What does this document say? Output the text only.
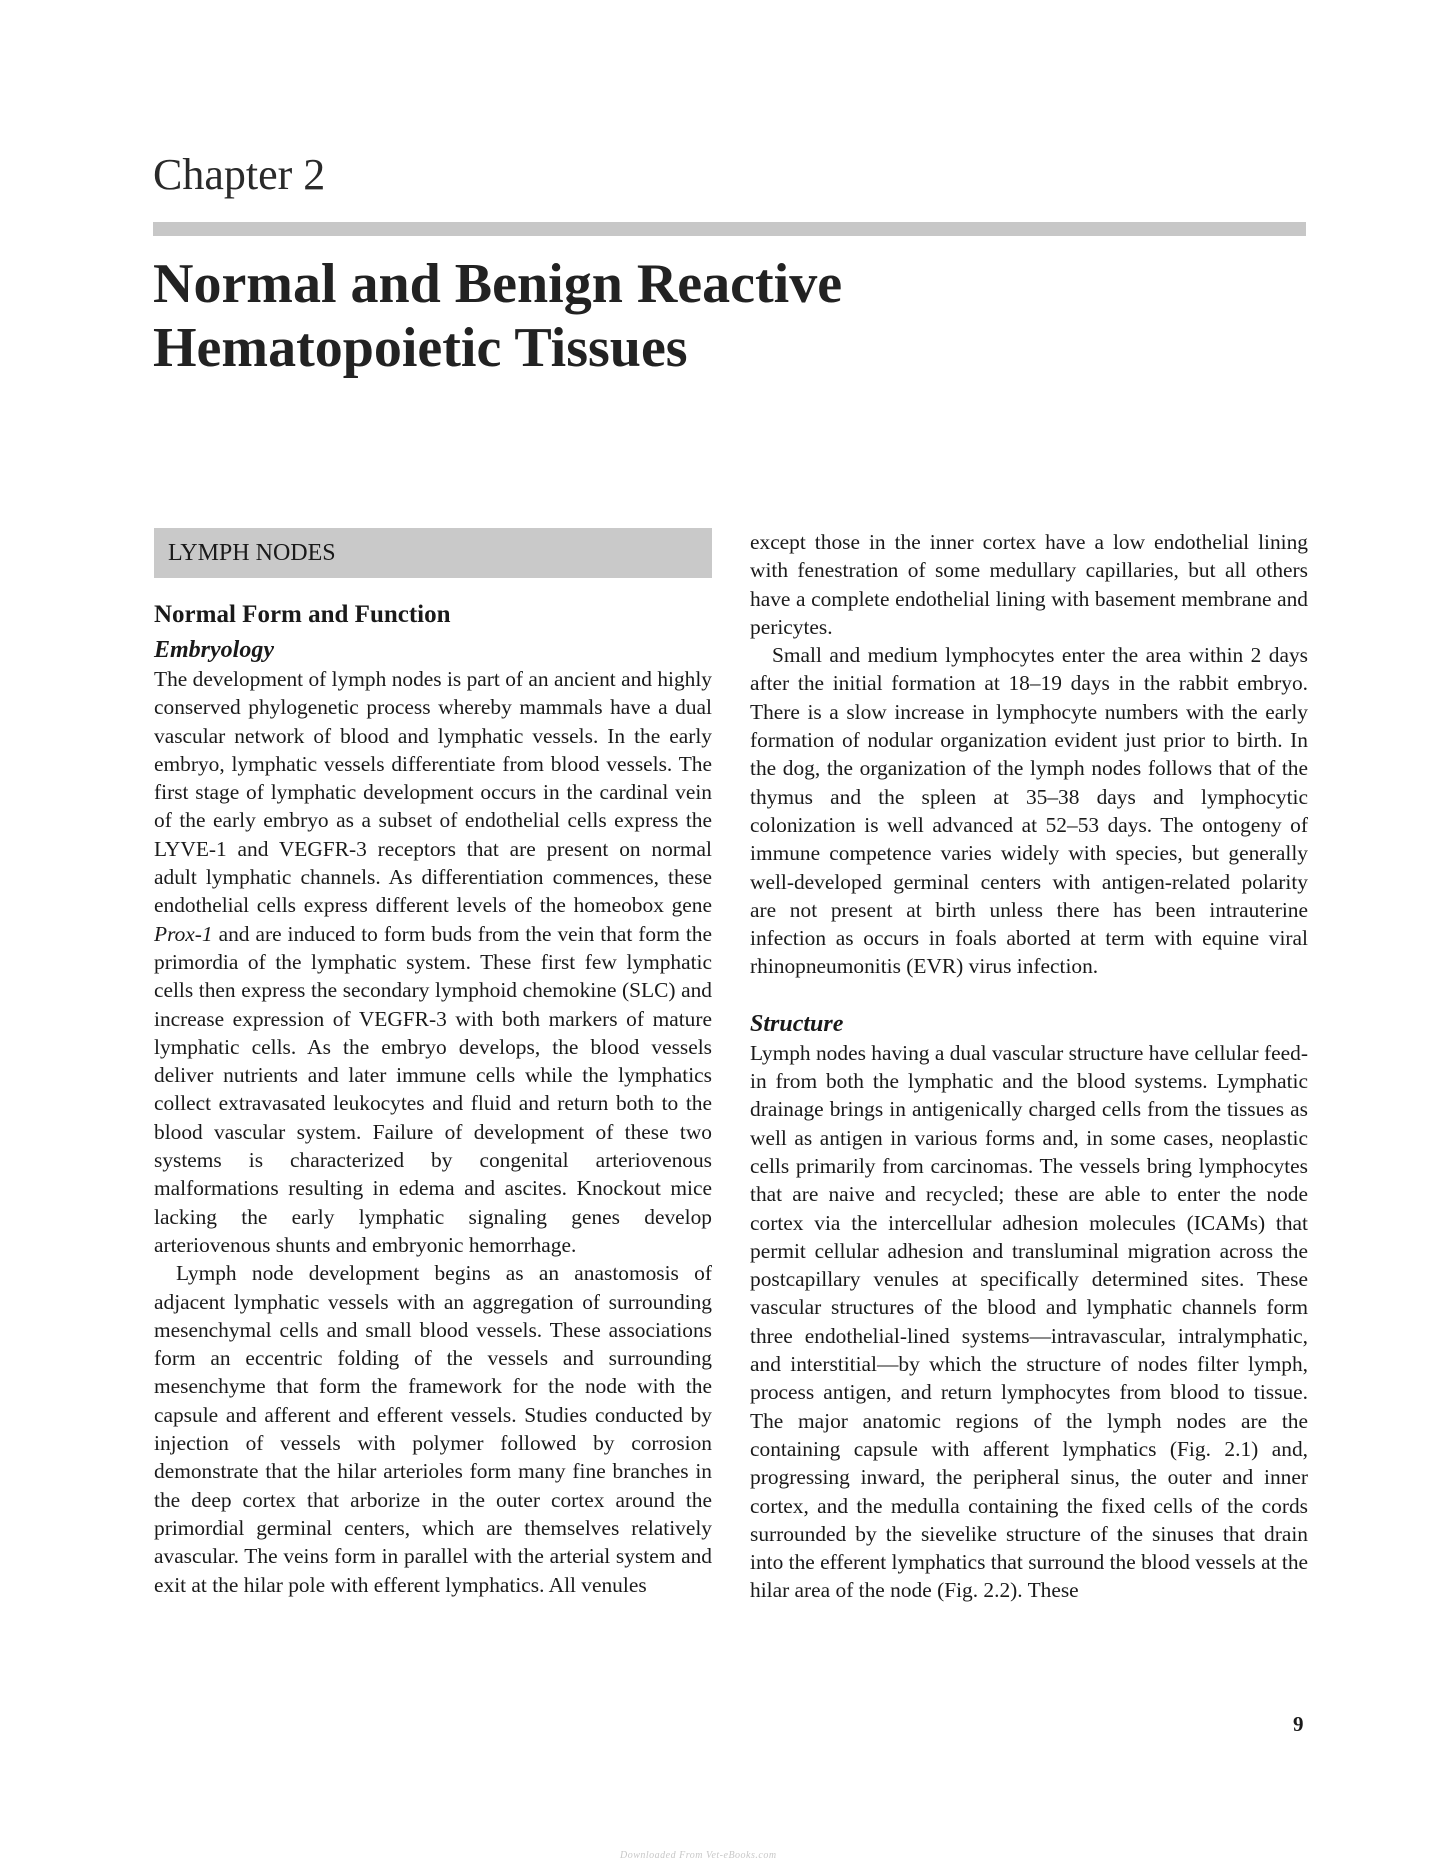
Chapter 2
Normal and Benign Reactive
Hematopoietic Tissues
LYMPH NODES
Normal Form and Function
Embryology

The development of lymph nodes is part of an ancient and highly conserved phylogenetic process whereby mammals have a dual vascular network of blood and lymphatic vessels. In the early embryo, lymphatic vessels differentiate from blood vessels. The first stage of lymphatic development occurs in the cardinal vein of the early embryo as a subset of endothelial cells express the LYVE-1 and VEGFR-3 receptors that are present on normal adult lymphatic channels. As differentiation commences, these endothelial cells express different levels of the homeobox gene Prox-1 and are induced to form buds from the vein that form the primordia of the lymphatic system. These first few lymphatic cells then express the secondary lymphoid chemokine (SLC) and increase expression of VEGFR-3 with both markers of mature lymphatic cells. As the embryo develops, the blood vessels deliver nutrients and later immune cells while the lymphatics collect extravasated leukocytes and fluid and return both to the blood vascular system. Failure of development of these two systems is characterized by congenital arteriovenous malformations resulting in edema and ascites. Knockout mice lacking the early lymphatic signaling genes develop arteriovenous shunts and embryonic hemorrhage.

Lymph node development begins as an anastomosis of adjacent lymphatic vessels with an aggregation of surrounding mesenchymal cells and small blood vessels. These associations form an eccentric folding of the vessels and surrounding mesenchyme that form the framework for the node with the capsule and afferent and efferent vessels. Studies conducted by injection of vessels with polymer followed by corrosion demonstrate that the hilar arterioles form many fine branches in the deep cortex that arborize in the outer cortex around the primordial germinal centers, which are themselves relatively avascular. The veins form in parallel with the arterial system and exit at the hilar pole with efferent lymphatics. All venules

except those in the inner cortex have a low endothelial lining with fenestration of some medullary capillaries, but all others have a complete endothelial lining with basement membrane and pericytes.

Small and medium lymphocytes enter the area within 2 days after the initial formation at 18–19 days in the rabbit embryo. There is a slow increase in lymphocyte numbers with the early formation of nodular organization evident just prior to birth. In the dog, the organization of the lymph nodes follows that of the thymus and the spleen at 35–38 days and lymphocytic colonization is well advanced at 52–53 days. The ontogeny of immune competence varies widely with species, but generally well-developed germinal centers with antigen-related polarity are not present at birth unless there has been intrauterine infection as occurs in foals aborted at term with equine viral rhinopneumonitis (EVR) virus infection.

Structure

Lymph nodes having a dual vascular structure have cellular feed-in from both the lymphatic and the blood systems. Lymphatic drainage brings in antigenically charged cells from the tissues as well as antigen in various forms and, in some cases, neoplastic cells primarily from carcinomas. The vessels bring lymphocytes that are naive and recycled; these are able to enter the node cortex via the intercellular adhesion molecules (ICAMs) that permit cellular adhesion and transluminal migration across the postcapillary venules at specifically determined sites. These vascular structures of the blood and lymphatic channels form three endothelial-lined systems—intravascular, intralymphatic, and interstitial—by which the structure of nodes filter lymph, process antigen, and return lymphocytes from blood to tissue. The major anatomic regions of the lymph nodes are the containing capsule with afferent lymphatics (Fig. 2.1) and, progressing inward, the peripheral sinus, the outer and inner cortex, and the medulla containing the fixed cells of the cords surrounded by the sievelike structure of the sinuses that drain into the efferent lymphatics that surround the blood vessels at the hilar area of the node (Fig. 2.2). These

9
Downloaded From Vet-eBooks.com
